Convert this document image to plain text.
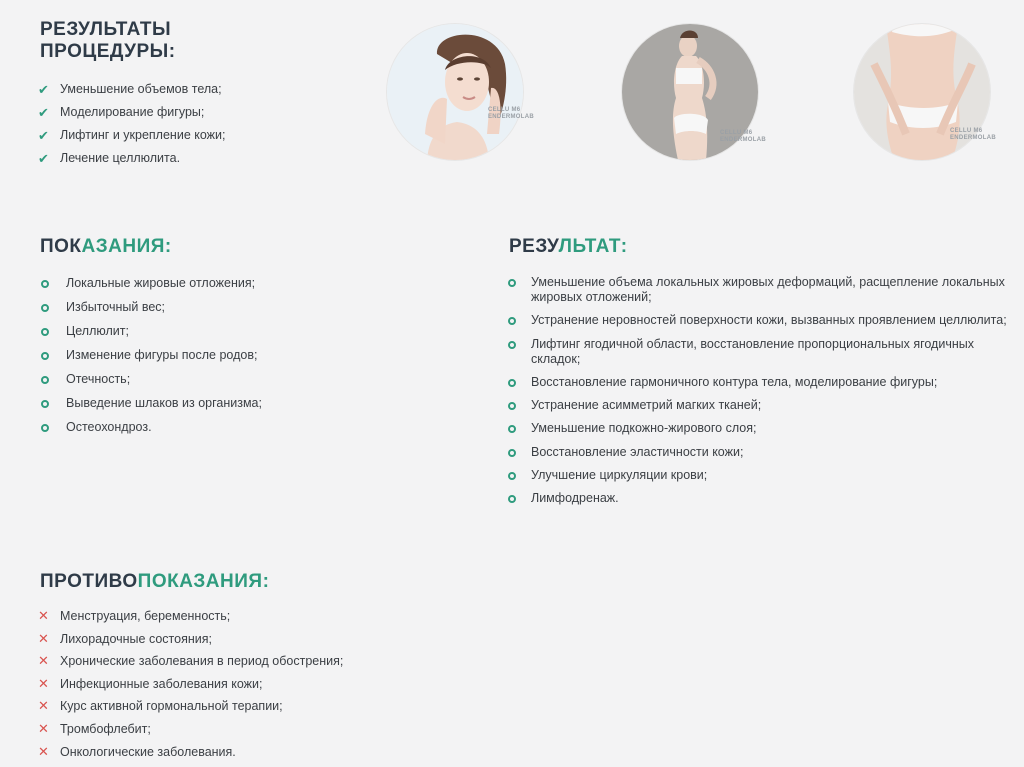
РЕЗУЛЬТАТЫ
ПРОЦЕДУРЫ:
✔ Уменьшение объемов тела;
✔ Моделирование фигуры;
✔ Лифтинг и укрепление кожи;
✔ Лечение целлюлита.
CELLU M6
ENDERMOLAB
CELLU M6
ENDERMOLAB
CELLU M6
ENDERMOLAB
ПОКАЗАНИЯ:
Локальные жировые отложения;
Избыточный вес;
Целлюлит;
Изменение фигуры после родов;
Отечность;
Выведение шлаков из организма;
Остеохондроз.
РЕЗУЛЬТАТ:
Уменьшение объема локальных жировых деформаций, расщепление локальных жировых отложений;
Устранение неровностей поверхности кожи, вызванных проявлением целлюлита;
Лифтинг ягодичной области, восстановление пропорциональных ягодичных складок;
Восстановление гармоничного контура тела, моделирование фигуры;
Устранение асимметрий магких тканей;
Уменьшение подкожно-жирового слоя;
Восстановление эластичности кожи;
Улучшение циркуляции крови;
Лимфодренаж.
ПРОТИВОПОКАЗАНИЯ:
✕ Менструация, беременность;
✕ Лихорадочные состояния;
✕ Хронические заболевания в период обострения;
✕ Инфекционные заболевания кожи;
✕ Курс активной гормональной терапии;
✕ Тромбофлебит;
✕ Онкологические заболевания.
